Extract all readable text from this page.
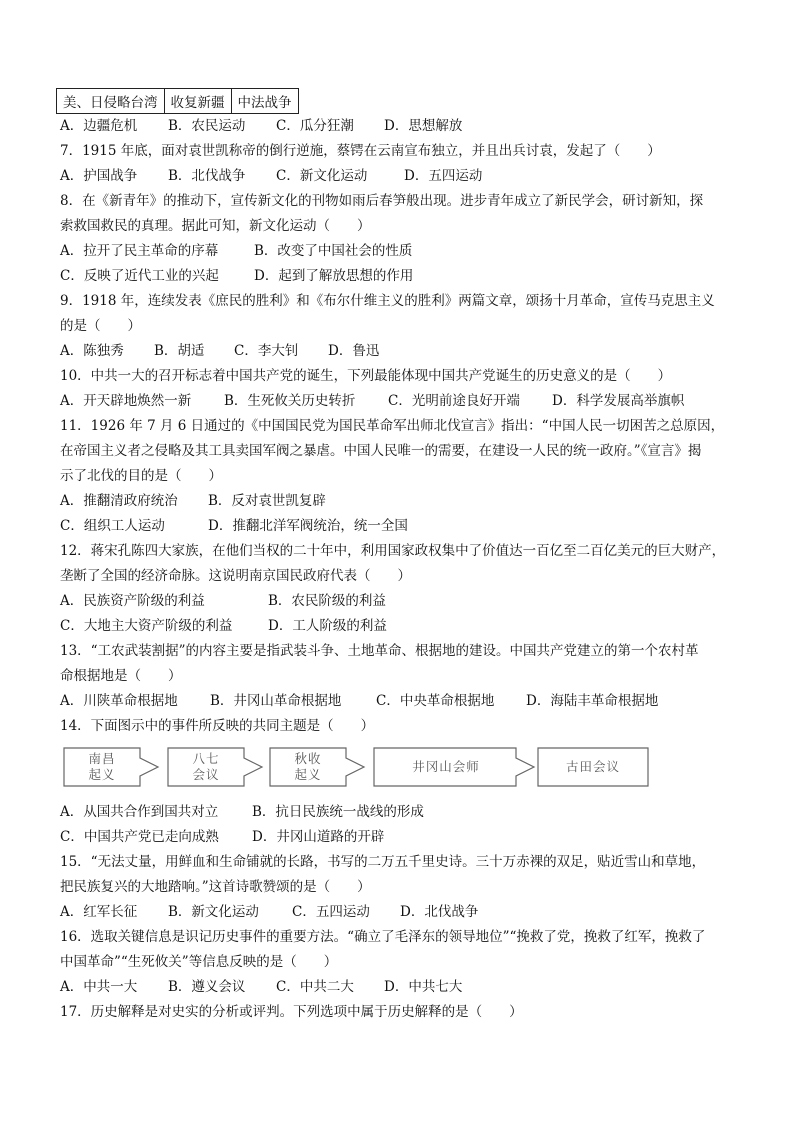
美、日侵略台湾	收复新疆	中法战争
A．边疆危机 B．农民运动 C．瓜分狂潮 D．思想解放
7．1915 年底，面对袁世凯称帝的倒行逆施，蔡锷在云南宣布独立，并且出兵讨袁，发起了（　　）
A．护国战争 B．北伐战争 C．新文化运动	D．五四运动
8．在《新青年》的推动下，宣传新文化的刊物如雨后春笋般出现。进步青年成立了新民学会，研讨新知，探
索救国救民的真理。据此可知，新文化运动（　　）
A．拉开了民主革命的序幕	B．改变了中国社会的性质
C．反映了近代工业的兴起	D．起到了解放思想的作用
9．1918 年，连续发表《庶民的胜利》和《布尔什维主义的胜利》两篇文章，颂扬十月革命，宣传马克思主义
的是（　　）
A．陈独秀 B．胡适 C．李大钊 D．鲁迅
10．中共一大的召开标志着中国共产党的诞生，下列最能体现中国共产党诞生的历史意义的是（　　）
A．开天辟地焕然一新 B．生死攸关历史转折 C．光明前途良好开端 D．科学发展高举旗帜
11．1926 年 7 月 6 日通过的《中国国民党为国民革命军出师北伐宣言》指出：“中国人民一切困苦之总原因，
在帝国主义者之侵略及其工具卖国军阀之暴虐。中国人民唯一的需要，在建设一人民的统一政府。”《宣言》揭
示了北伐的目的是（　　）
A．推翻清政府统治 B．反对袁世凯复辟
C．组织工人运动	D．推翻北洋军阀统治，统一全国
12．蒋宋孔陈四大家族，在他们当权的二十年中，利用国家政权集中了价值达一百亿至二百亿美元的巨大财产，
垄断了全国的经济命脉。这说明南京国民政府代表（　　）
A．民族资产阶级的利益	B．农民阶级的利益
C．大地主大资产阶级的利益	D．工人阶级的利益
13．“工农武装割据”的内容主要是指武装斗争、土地革命、根据地的建设。中国共产党建立的第一个农村革
命根据地是（　　）
A．川陕革命根据地 B．井冈山革命根据地	C．中央革命根据地 D．海陆丰革命根据地
14．下面图示中的事件所反映的共同主题是（　　）
南昌
起义
八七
会议
秋收
起义
井冈山会师	古田会议
A．从国共合作到国共对立	B．抗日民族统一战线的形成
C．中国共产党已走向成熟 D．井冈山道路的开辟
15．“无法丈量，用鲜血和生命铺就的长路，书写的二万五千里史诗。三十万赤裸的双足，贴近雪山和草地，
把民族复兴的大地踏响。”这首诗歌赞颂的是（　　）
A．红军长征 B．新文化运动 C．五四运动 D．北伐战争
16．选取关键信息是识记历史事件的重要方法。“确立了毛泽东的领导地位”“挽救了党，挽救了红军，挽救了
中国革命”“生死攸关”等信息反映的是（　　）
A．中共一大 B．遵义会议 C．中共二大 D．中共七大
17．历史解释是对史实的分析或评判。下列选项中属于历史解释的是（　　）
